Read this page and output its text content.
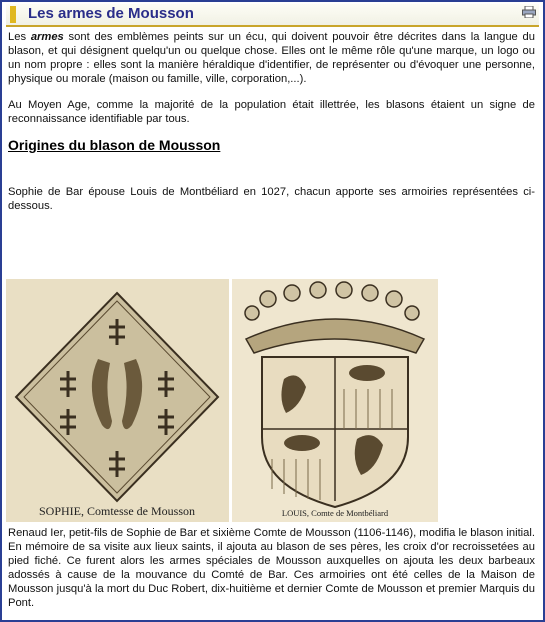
Les armes de Mousson
Les armes sont des emblèmes peints sur un écu, qui doivent pouvoir être décrites dans la langue du blason, et qui désignent quelqu'un ou quelque chose. Elles ont le même rôle qu'une marque, un logo ou un nom propre : elles sont la manière héraldique d'identifier, de représenter ou d'évoquer une personne, physique ou morale (maison ou famille, ville, corporation,...).
Au Moyen Age, comme la majorité de la population était illettrée, les blasons étaient un signe de reconnaissance identifiable par tous.
Origines du blason de Mousson
Sophie de Bar épouse Louis de Montbéliard en 1027, chacun apporte ses armoiries représentées ci-dessous.
Renaud Ier, petit-fils de Sophie de Bar et sixième Comte de Mousson (1106-1146), modifia le blason initial. En mémoire de sa visite aux lieux saints, il ajouta au blason de ses pères, les croix d'or recroissetées au pied fiché. Ce furent alors les armes spéciales de Mousson auxquelles on ajouta les deux barbeaux adossés à cause de la mouvance du Comté de Bar. Ces armoiries ont été celles de la Maison de Mousson jusqu'à la mort du Duc Robert, dix-huitième et dernier Comte de Mousson et premier Marquis du Pont.
SOPHIE, Comtesse de Mousson	LOUIS, Comte de Montbéliard
